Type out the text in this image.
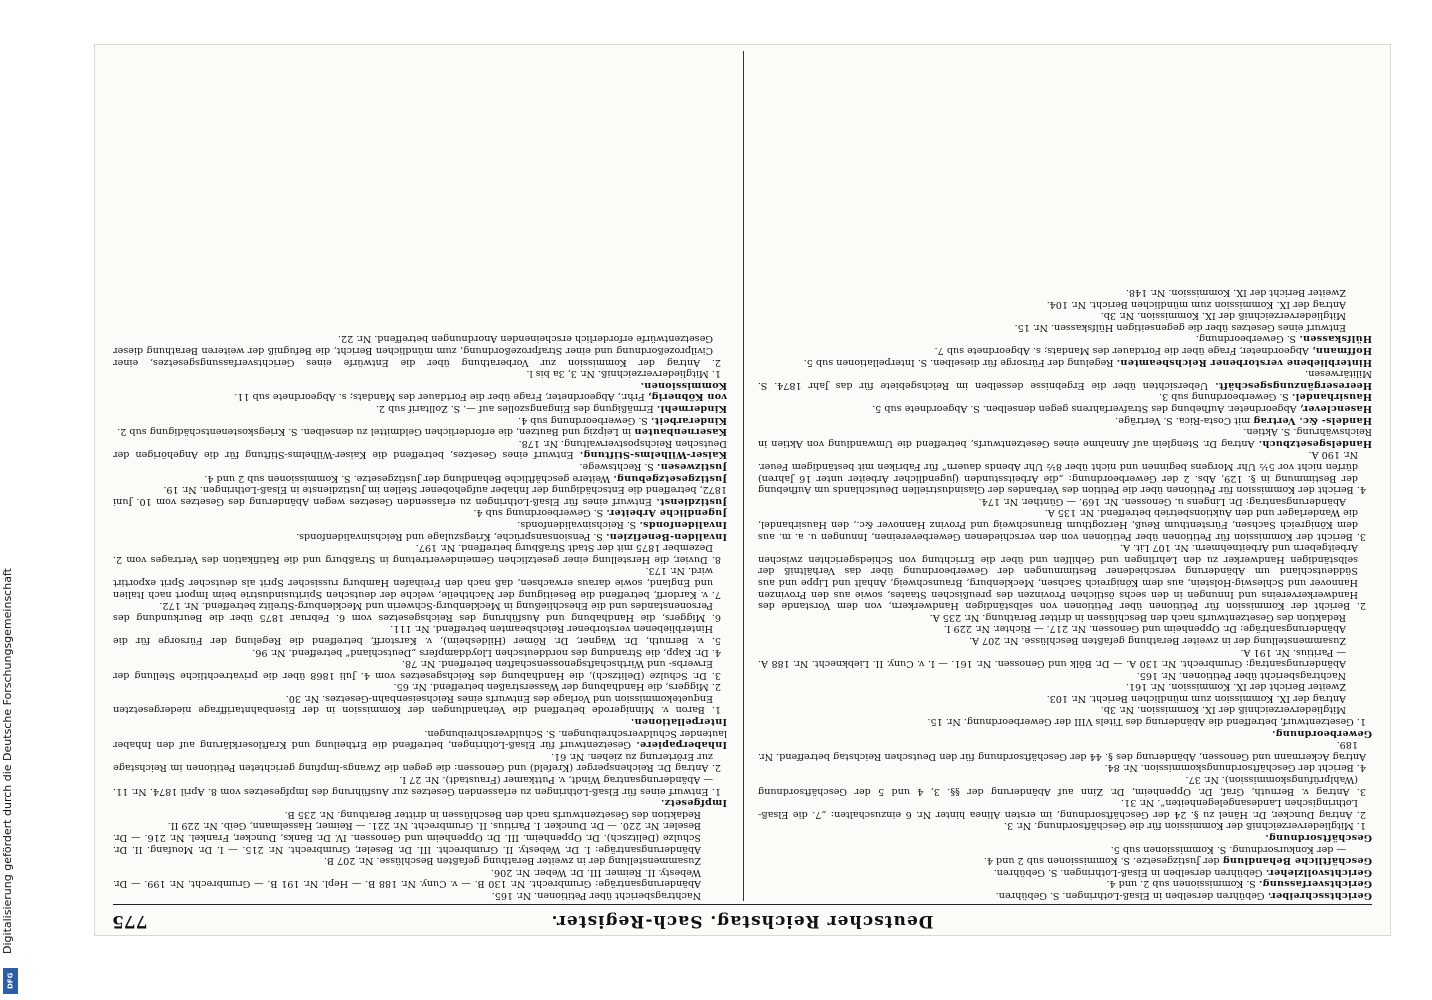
Deutscher Reichstag. Sach-Register.
775

Gerichtsschreiber. Gebühren derselben in Elsaß-Lothringen. S. Gebühren.

Gerichtsverfassung. S. Kommissionen sub 2. und 4.

Gerichtsvollzieher. Gebühren derselben in Elsaß-Lothringen. S. Gebühren.

Geschäftliche Behandlung der Justizgesetze. S. Kommissionen sub 2 und 4.

— der Konkursordnung. S. Kommissionen sub 5.

Geschäftsordnung.

1. Mitgliederverzeichniß der Kommission für die Geschäftsordnung. Nr. 3.

2. Antrag Duncker, Dr. Hänel zu §. 24 der Geschäftsordnung, im ersten Alinea hinter Nr. 6 einzuschalten: „7. die Elsaß-Lothringischen Landesangelegenheiten“. Nr. 31.

3. Antrag v. Bernuth, Graf, Dr. Oppenheim, Dr. Zinn auf Abänderung der §§. 3, 4 und 5 der Geschäftsordnung (Wahlprüfungskommission). Nr. 37.

4. Bericht der Geschäftsordnungskommission. Nr. 84.

Antrag Ackermann und Genossen, Abänderung des §. 44 der Geschäftsordnung für den Deutschen Reichstag betreffend. Nr. 189.

Gewerbeordnung.

1. Gesetzentwurf, betreffend die Abänderung des Titels VIII der Gewerbeordnung. Nr. 15.

Mitgliederverzeichniß der IX. Kommission. Nr. 3b.

Antrag der IX. Kommission zum mündlichen Bericht. Nr. 103.

Zweiter Bericht der IX. Kommission. Nr. 161.

Nachtragsbericht über Petitionen. Nr. 165.

Abänderungsantrag: Grumbrecht. Nr. 130 A. — Dr. Bölk und Genossen. Nr. 161. — I. v. Cuny. II. Liebknecht. Nr. 188 A. — Paritius. Nr. 191 A.

Zusammenstellung der in zweiter Berathung gefaßten Beschlüsse. Nr. 207 A.

Abänderungsanträge: Dr. Oppenheim und Genossen. Nr. 217. — Richter. Nr. 229 I.

Redaktion des Gesetzentwurfs nach den Beschlüssen in dritter Berathung. Nr. 235 A.

2. Bericht der Kommission für Petitionen über Petitionen von selbständigen Handwerkern, von dem Vorstande des Handwerkervereins und Innungen in den sechs östlichen Provinzen des preußischen Staates, sowie aus den Provinzen Hannover und Schleswig-Holstein, aus dem Königreich Sachsen, Mecklenburg, Braunschweig, Anhalt und Lippe und aus Süddeutschland um Abänderung verschiedener Bestimmungen der Gewerbeordnung über das Verhältniß der selbständigen Handwerker zu den Lehrlingen und Gehilfen und über die Errichtung von Schiedsgerichten zwischen Arbeitgebern und Arbeitnehmern. Nr. 107 Lit. A.

3. Bericht der Kommission für Petitionen über Petitionen von den verschiedenen Gewerbevereinen, Innungen u. a. m. aus dem Königreich Sachsen, Fürstenthum Reuß, Herzogthum Braunschweig und Provinz Hannover &c., den Hausirhandel, die Wanderlager und den Auktionsbetrieb betreffend. Nr. 135 A.

Abänderungsantrag: Dr. Lingens u. Genossen. Nr. 169. — Günther. Nr. 174.

4. Bericht der Kommission für Petitionen über die Petition des Verbandes der Glasindustriellen Deutschlands um Aufhebung der Bestimmung in §. 129, Abs. 2 der Gewerbeordnung: „die Arbeitsstunden (jugendlicher Arbeiter unter 16 Jahren) dürfen nicht vor 5½ Uhr Morgens beginnen und nicht über 8½ Uhr Abends dauern“ für Fabriken mit beständigem Feuer. Nr. 190 A.

Handelsgesetzbuch. Antrag Dr. Stenglein auf Annahme eines Gesetzentwurfs, betreffend die Umwandlung von Aktien in Reichswährung. S. Aktien.

Handels- &c. Vertrag mit Costa-Rica. S. Verträge.

Hasenclever, Abgeordneter. Aufhebung des Strafverfahrens gegen denselben. S. Abgeordnete sub 5.

Hausirhandel. S. Gewerbeordnung sub 3.

Heeresergänzungsgeschäft. Uebersichten über die Ergebnisse desselben im Reichsgebiete für das Jahr 1874. S. Militärwesen.

Hinterbliebene verstorbener Reichsbeamten. Regelung der Fürsorge für dieselben. S. Interpellationen sub 5.

Hoffmann, Abgeordneter, Frage über die Fortdauer des Mandats; s. Abgeordnete sub 7.

Hülfskassen. S. Gewerbeordnung.

Entwurf eines Gesetzes über die gegenseitigen Hülfskassen. Nr. 15.

Mitgliederverzeichniß der IX. Kommission. Nr. 3b.

Antrag der IX. Kommission zum mündlichen Bericht. Nr. 104.

Zweiter Bericht der IX. Kommission. Nr. 148.

Nachtragsbericht über Petitionen. Nr. 165.

Abänderungsanträge: Grumbrecht. Nr. 130 B. — v. Cuny. Nr. 188 B. — Hepl. Nr. 191 B. — Grumbrecht. Nr. 199. — Dr. Webesty. II. Reimer. III. Dr. Weber. Nr. 206.

Zusammenstellung der in zweiter Berathung gefaßten Beschlüsse. Nr. 207 B.

Abänderungsanträge: I. Dr. Webesty. II. Grumbrecht. III. Dr. Beseler, Grumbrecht. Nr. 215. — I. Dr. Moufang. II. Dr. Schulze (Delitzsch). Dr. Oppenheim. III. Dr. Oppenheim und Genossen. IV. Dr. Banks, Duncker, Frankel. Nr. 216. — Dr. Beseler. Nr. 220. — Dr. Duncker. I. Paritius. II. Grumbrecht. Nr. 221. — Reimer, Hasselmann, Geib. Nr. 229 II.

Redaktion des Gesetzentwurfs nach den Beschlüssen in dritter Berathung. Nr. 235 B.

Impfgesetz.

1. Entwurf eines für Elsaß-Lothringen zu erlassenden Gesetzes zur Ausführung des Impfgesetzes vom 8. April 1874. Nr. 11. — Abänderungsantrag Windt, v. Puttkamer (Fraustadt). Nr. 27 I.

2. Antrag Dr. Reichensperger (Krefeld) und Genossen: die gegen die Zwangs-Impfung gerichteten Petitionen im Reichstage zur Erörterung zu ziehen. Nr. 61.

Inhaberpapiere. Gesetzentwurf für Elsaß-Lothringen, betreffend die Ertheilung und Kraftloserklärung auf den Inhaber lautender Schuldverschreibungen. S. Schuldverschreibungen.

Interpellationen.

1. Baron v. Minnigerode betreffend die Verhandlungen der Kommission in der Eisenbahntariffrage niedergesetzten Enquetekommission und Vorlage des Entwurfs eines Reichseisenbahn-Gesetzes. Nr. 30.

2. Miggers, die Handhabung der Wasserstraßen betreffend. Nr. 65.

3. Dr. Schulze (Delitzsch), die Handhabung des Reichsgesetzes vom 4. Juli 1868 über die privatrechtliche Stellung der Erwerbs- und Wirthschaftsgenossenschaften betreffend. Nr. 78.

4. Dr. Kapp, die Strandung des norddeutschen Lloyddampfers „Deutschland“ betreffend. Nr. 96.

5. v. Bernuth, Dr. Wagner, Dr. Römer (Hildesheim), v. Karstorff, betreffend die Regelung der Fürsorge für die Hinterbliebenen verstorbener Reichsbeamten betreffend. Nr. 111.

6. Miggers, die Handhabung und Ausführung des Reichsgesetzes vom 6. Februar 1875 über die Beurkundung des Personenstandes und die Eheschließung in Mecklenburg-Schwerin und Mecklenburg-Strelitz betreffend. Nr. 172.

7. v. Kardorff, betreffend die Beseitigung der Nachtheile, welche der deutschen Spiritusindustrie beim Import nach Italien und England, sowie daraus erwachsen, daß nach den Freihafen Hamburg russischer Sprit als deutscher Sprit exportirt wird. Nr. 173.

8. Duvier, die Herstellung einer gesetzlichen Gemeindevertretung in Straßburg und die Ratifikation des Vertrages vom 2. Dezember 1875 mit der Stadt Straßburg betreffend. Nr. 197.

Invaliden-Benefizien. S. Pensionsansprüche, Kriegszulage und Reichsinvalidenfonds.

Invalidenfonds. S. Reichsinvalidenfonds.

Jugendliche Arbeiter. S. Gewerbeordnung sub 4.

Justizdienst. Entwurf eines für Elsaß-Lothringen zu erlassenden Gesetzes wegen Abänderung des Gesetzes vom 10. Juni 1872, betreffend die Entschädigung der Inhaber aufgehobener Stellen im Justizdienste in Elsaß-Lothringen. Nr. 19.

Justizgesetzgebung. Weitere geschäftliche Behandlung der Justizgesetze. S. Kommissionen sub 2 und 4.

Justizwesen. S. Rechtswege.

Kaiser-Wilhelms-Stiftung. Entwurf eines Gesetzes, betreffend die Kaiser-Wilhelms-Stiftung für die Angehörigen der Deutschen Reichspostverwaltung. Nr. 178.

Kasernenbauten in Leipzig und Bautzen, die erforderlichen Geldmittel zu denselben. S. Kriegskostenentschädigung sub 2.

Kinderarbeit. S. Gewerbeordnung sub 4.

Kindermehl. Ermäßigung des Eingangszolles auf —. S. Zolltarif sub 2.

von Köbnerig, Frhr., Abgeordneter, Frage über die Fortdauer des Mandats; s. Abgeordnete sub 11.

Kommissionen.

1. Mitgliederverzeichniß. Nr. 3, 3a bis l.

2. Antrag der Kommission zur Vorberathung über die Entwürfe eines Gerichtsverfassungsgesetzes, einer Civilprozeßordnung und einer Strafprozeßordnung, zum mündlichen Bericht, die Befugniß der weiteren Berathung dieser Gesetzentwürfe erforderlich erscheinenden Anordnungen betreffend. Nr. 22.

Digitalisierung gefördert durch die Deutsche Forschungsgemeinschaft
DFG
